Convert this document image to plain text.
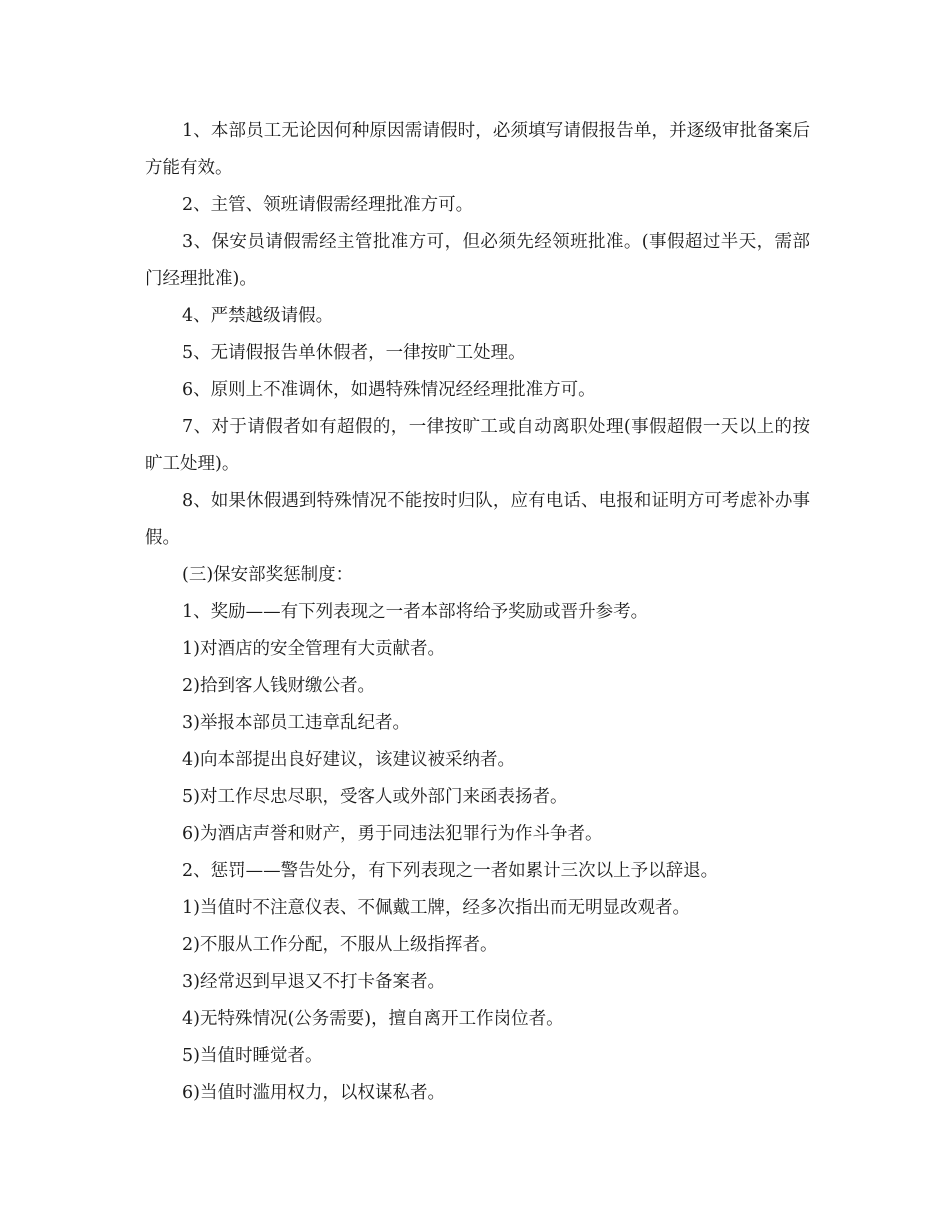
1、本部员工无论因何种原因需请假时，必须填写请假报告单，并逐级审批备案后方能有效。

2、主管、领班请假需经理批准方可。

3、保安员请假需经主管批准方可，但必须先经领班批准。(事假超过半天，需部门经理批准)。

4、严禁越级请假。

5、无请假报告单休假者，一律按旷工处理。

6、原则上不准调休，如遇特殊情况经经理批准方可。

7、对于请假者如有超假的，一律按旷工或自动离职处理(事假超假一天以上的按旷工处理)。

8、如果休假遇到特殊情况不能按时归队，应有电话、电报和证明方可考虑补办事假。

(三)保安部奖惩制度：

1、奖励——有下列表现之一者本部将给予奖励或晋升参考。

1)对酒店的安全管理有大贡献者。

2)拾到客人钱财缴公者。

3)举报本部员工违章乱纪者。

4)向本部提出良好建议，该建议被采纳者。

5)对工作尽忠尽职，受客人或外部门来函表扬者。

6)为酒店声誉和财产，勇于同违法犯罪行为作斗争者。

2、惩罚——警告处分，有下列表现之一者如累计三次以上予以辞退。

1)当值时不注意仪表、不佩戴工牌，经多次指出而无明显改观者。

2)不服从工作分配，不服从上级指挥者。

3)经常迟到早退又不打卡备案者。

4)无特殊情况(公务需要)，擅自离开工作岗位者。

5)当值时睡觉者。

6)当值时滥用权力，以权谋私者。
